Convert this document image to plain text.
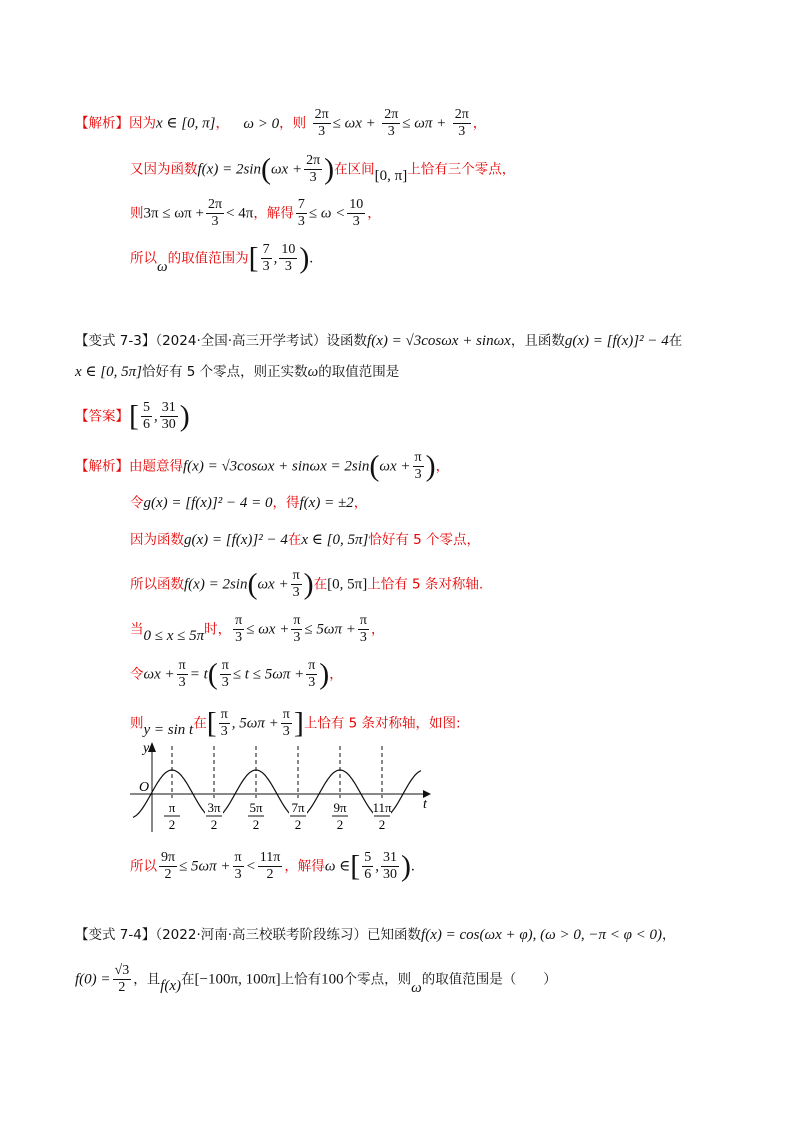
【解析】因为x ∈ [0, π]， ω > 0，则 $\frac{2\pi}{3} \le \omega x + \frac{2\pi}{3} \le \omega\pi + \frac{2\pi}{3}$ ，
又因为函数$f(x) = 2\sin(\omega x + \frac{2\pi}{3}$ )在区间[0, π]上恰有三个零点，
则$3\pi \le \omega\pi + \frac{2\pi}{3} < 4\pi$，解得 $\frac{7}{3} \le \omega < \frac{10}{3}$ ，
所以ω的取值范围为[ $\frac{7}{3}$ , $\frac{10}{3}$ ).
【变式 7-3】（2024·全国·高三开学考试）设函数f(x) = √3cosωx + sinωx，且函数g(x) = [f(x)]² − 4在
x ∈ [0, 5π]恰好有 5 个零点，则正实数ω的取值范围是
【答案】[ $\frac{5}{6}$ , $\frac{31}{30}$ )
【解析】由题意得$f(x) = √3\cos\omega x + \sin\omega x = 2\sin(\omega x + \frac{\pi}{3}$ )，
令g(x) = [f(x)]² − 4 = 0，得f(x) = ±2，
因为函数g(x) = [f(x)]² − 4在x ∈ [0, 5π]恰好有 5 个零点，
所以函数$f(x) = 2\sin(\omega x + \frac{\pi}{3}$ )在[0, 5π]上恰有 5 条对称轴.
当0 ≤ x ≤ 5π时， $\frac{\pi}{3} \le \omega x + \frac{\pi}{3} \le 5\omega\pi + \frac{\pi}{3}$ ，
令$\omega x + \frac{\pi}{3} = t( \frac{\pi}{3} \le t \le 5\omega\pi + \frac{\pi}{3}$ )，
则y = sin t在[ $\frac{\pi}{3}$ , $5\omega\pi + \frac{\pi}{3}$ ]上恰有 5 条对称轴，如图:
y
t
O
π
2
3π
2
5π
2
7π
2
9π
2
11π
2
所以 $\frac{9\pi}{2} \le 5\omega\pi + \frac{\pi}{3} < \frac{11\pi}{2}$ ，解得ω ∈[ $\frac{5}{6}$ , $\frac{31}{30}$ ).
【变式 7-4】（2022·河南·高三校联考阶段练习）已知函数f(x) = cos(ωx + φ), (ω > 0, −π < φ < 0)，
$f(0) = \frac{√3}{2}$ ，且f(x)在[−100π, 100π]上恰有100个零点，则ω的取值范围是（　　）
